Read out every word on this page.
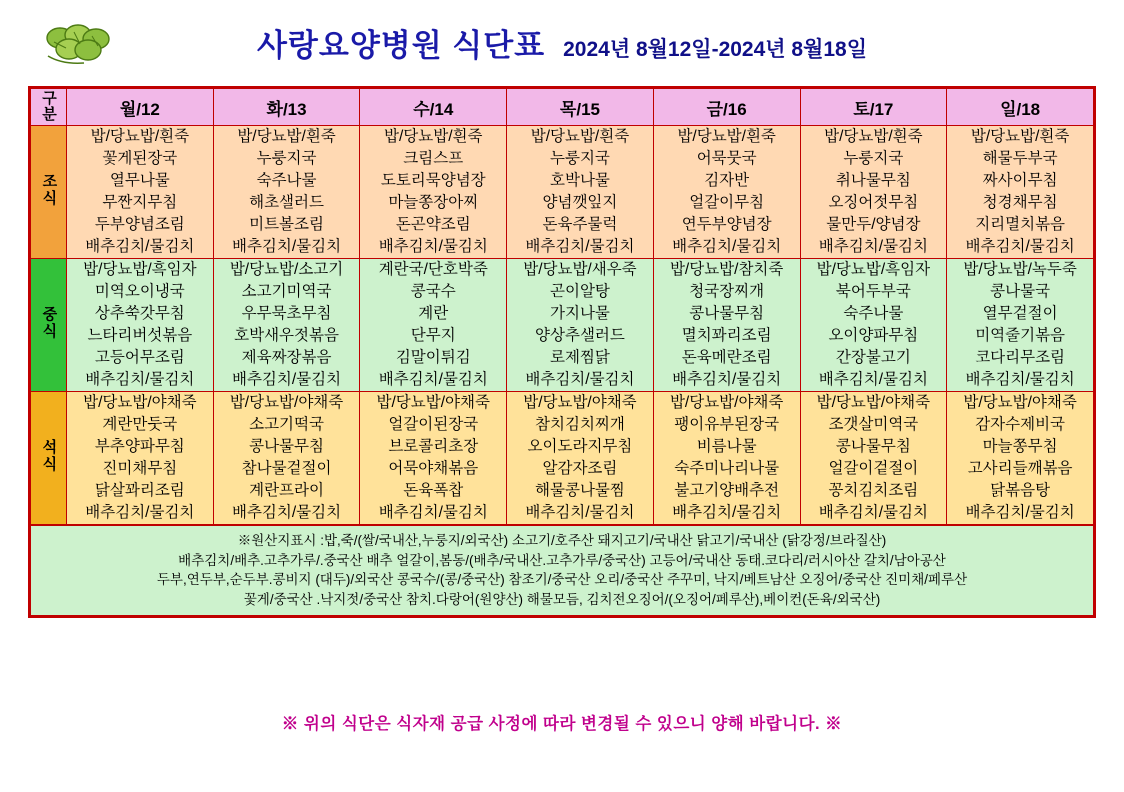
사랑요양병원 식단표 2024년 8월12일-2024년 8월18일
구분	월/12	화/13	수/14	목/15	금/16	토/17	일/18
조식	
밥/당뇨밥/흰죽
꽃게된장국
열무나물
무짠지무침
두부양념조림
배추김치/물김치

밥/당뇨밥/흰죽
누룽지국
숙주나물
해초샐러드
미트볼조림
배추김치/물김치

밥/당뇨밥/흰죽
크림스프
도토리묵양념장
마늘쫑장아찌
돈곤약조림
배추김치/물김치

밥/당뇨밥/흰죽
누룽지국
호박나물
양념깻잎지
돈육주물럭
배추김치/물김치

밥/당뇨밥/흰죽
어묵뭇국
김자반
얼갈이무침
연두부양념장
배추김치/물김치

밥/당뇨밥/흰죽
누룽지국
취나물무침
오징어젓무침
물만두/양념장
배추김치/물김치

밥/당뇨밥/흰죽
해물두부국
짜사이무침
청경채무침
지리멸치볶음
배추김치/물김치

중식	
밥/당뇨밥/흑임자
미역오이냉국
상추쑥갓무침
느타리버섯볶음
고등어무조림
배추김치/물김치

밥/당뇨밥/소고기
소고기미역국
우무묵초무침
호박새우젓볶음
제육짜장볶음
배추김치/물김치

계란국/단호박죽
콩국수
계란
단무지
김말이튀김
배추김치/물김치

밥/당뇨밥/새우죽
곤이알탕
가지나물
양상추샐러드
로제찜닭
배추김치/물김치

밥/당뇨밥/참치죽
청국장찌개
콩나물무침
멸치꽈리조림
돈육메란조림
배추김치/물김치

밥/당뇨밥/흑임자
북어두부국
숙주나물
오이양파무침
간장불고기
배추김치/물김치

밥/당뇨밥/녹두죽
콩나물국
열무겉절이
미역줄기볶음
코다리무조림
배추김치/물김치

석식	
밥/당뇨밥/야채죽
계란만둣국
부추양파무침
진미채무침
닭살꽈리조림
배추김치/물김치

밥/당뇨밥/야채죽
소고기떡국
콩나물무침
참나물겉절이
계란프라이
배추김치/물김치

밥/당뇨밥/야채죽
얼갈이된장국
브로콜리초장
어묵야채볶음
돈육폭찹
배추김치/물김치

밥/당뇨밥/야채죽
참치김치찌개
오이도라지무침
알감자조림
해물콩나물찜
배추김치/물김치

밥/당뇨밥/야채죽
팽이유부된장국
비름나물
숙주미나리나물
불고기양배추전
배추김치/물김치

밥/당뇨밥/야채죽
조갯살미역국
콩나물무침
얼갈이겉절이
꽁치김치조림
배추김치/물김치

밥/당뇨밥/야채죽
감자수제비국
마늘쫑무침
고사리들깨볶음
닭볶음탕
배추김치/물김치
※원산지표시 :밥,죽/(쌀/국내산,누룽지/외국산) 소고기/호주산 돼지고기/국내산 닭고기/국내산 (닭강정/브라질산)
배추김치/배추.고추가루/.중국산 배추 얼갈이,봄동/(배추/국내산.고추가루/중국산) 고등어/국내산 동태.코다리/러시아산 갈치/남아공산
두부,연두부,순두부.콩비지 (대두)/외국산 콩국수/(콩/중국산) 참조기/중국산 오리/중국산 주꾸미, 낙지/베트남산 오징어/중국산 진미채/페루산
꽃게/중국산 .낙지젓/중국산 참치.다랑어(원양산) 해물모듬, 김치전오징어/(오징어/페루산),베이컨(돈육/외국산)
※ 위의 식단은 식자재 공급 사정에 따라 변경될 수 있으니 양해 바랍니다. ※
